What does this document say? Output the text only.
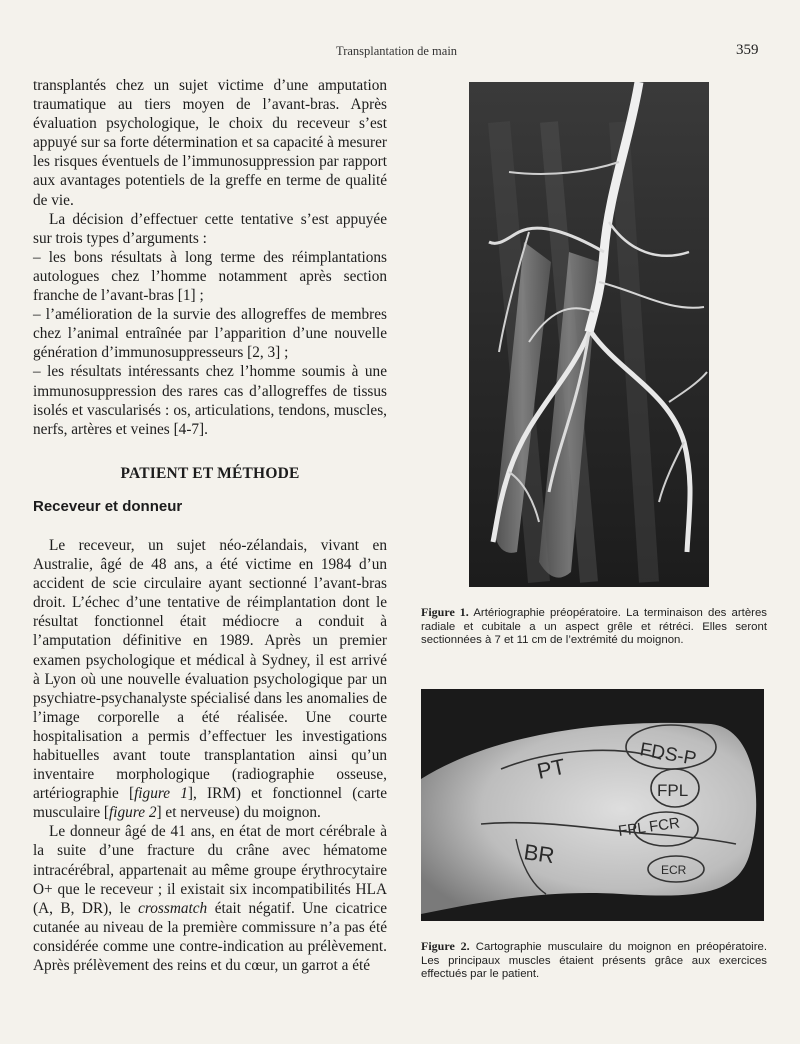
Transplantation de main	359

transplantés chez un sujet victime d’une amputation traumatique au tiers moyen de l’avant-bras. Après évaluation psychologique, le choix du receveur s’est appuyé sur sa forte détermination et sa capacité à mesurer les risques éventuels de l’immunosuppression par rapport aux avantages potentiels de la greffe en terme de qualité de vie.

La décision d’effectuer cette tentative s’est appuyée sur trois types d’arguments :

– les bons résultats à long terme des réimplantations autologues chez l’homme notamment après section franche de l’avant-bras [1] ;

– l’amélioration de la survie des allogreffes de membres chez l’animal entraînée par l’apparition d’une nouvelle génération d’immunosuppresseurs [2, 3] ;

– les résultats intéressants chez l’homme soumis à une immunosuppression des rares cas d’allogreffes de tissus isolés et vascularisés : os, articulations, tendons, muscles, nerfs, artères et veines [4-7].

PATIENT ET MÉTHODE
Receveur et donneur

Le receveur, un sujet néo-zélandais, vivant en Australie, âgé de 48 ans, a été victime en 1984 d’un accident de scie circulaire ayant sectionné l’avant-bras droit. L’échec d’une tentative de réimplantation dont le résultat fonctionnel était médiocre a conduit à l’amputation définitive en 1989. Après un premier examen psychologique et médical à Sydney, il est arrivé à Lyon où une nouvelle évaluation psychologique par un psychiatre-psychanalyste spécialisé dans les anomalies de l’image corporelle a été réalisée. Une courte hospitalisation a permis d’effectuer les investigations habituelles avant toute transplantation ainsi qu’un inventaire morphologique (radiographie osseuse, artériographie [figure 1], IRM) et fonctionnel (carte musculaire [figure 2] et nerveuse) du moignon.

Le donneur âgé de 41 ans, en état de mort cérébrale à la suite d’une fracture du crâne avec hématome intracérébral, appartenait au même groupe érythrocytaire O+ que le receveur ; il existait six incompatibilités HLA (A, B, DR), le crossmatch était négatif. Une cicatrice cutanée au niveau de la première commissure n’a pas été considérée comme une contre-indication au prélèvement. Après prélèvement des reins et du cœur, un garrot a été

Figure 1. Artériographie préopératoire. La terminaison des artères radiale et cubitale a un aspect grêle et rétréci. Elles seront sectionnées à 7 et 11 cm de l’extrémité du moignon.
PT	FDS-P
FPL
BR
FPL FCR
ECR
Figure 2. Cartographie musculaire du moignon en préopératoire. Les principaux muscles étaient présents grâce aux exercices effectués par le patient.
